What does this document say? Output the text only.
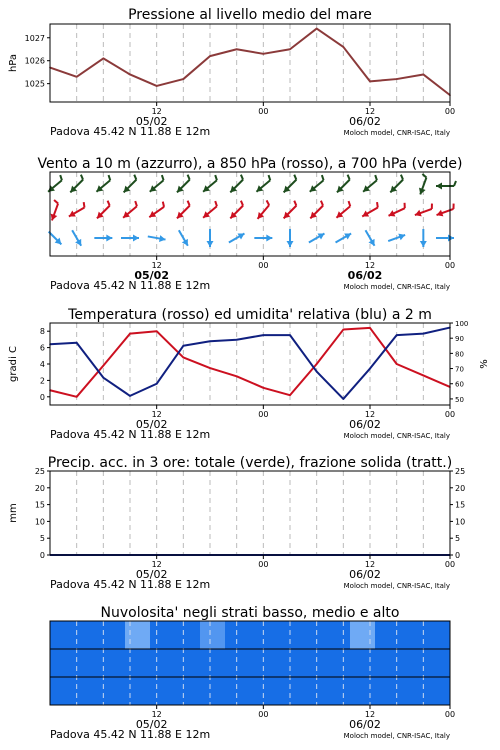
Pressione al livello medio del mare
1025
1026
1027
hPa
12	00	12	00
05/02	06/02
Padova 45.42 N 11.88 E 12m	Moloch model, CNR-ISAC, Italy
Vento a 10 m (azzurro), a 850 hPa (rosso), a 700 hPa (verde)
12	00	12	00
05/02	06/02
Padova 45.42 N 11.88 E 12m	Moloch model, CNR-ISAC, Italy
Temperatura (rosso) ed umidita' relativa (blu) a 2 m
0
2
4
6
8
50
60
70
80
90
100
gradi C	%
12	00	12	00
05/02	06/02
Padova 45.42 N 11.88 E 12m	Moloch model, CNR-ISAC, Italy
Precip. acc. in 3 ore: totale (verde), frazione solida (tratt.)
0
5
10
15
20
25
0
5
10
15
20
25
mm
12	00	12	00
05/02	06/02
Padova 45.42 N 11.88 E 12m	Moloch model, CNR-ISAC, Italy
Nuvolosita' negli strati basso, medio e alto
12	00	12	00
05/02	06/02
Padova 45.42 N 11.88 E 12m	Moloch model, CNR-ISAC, Italy
